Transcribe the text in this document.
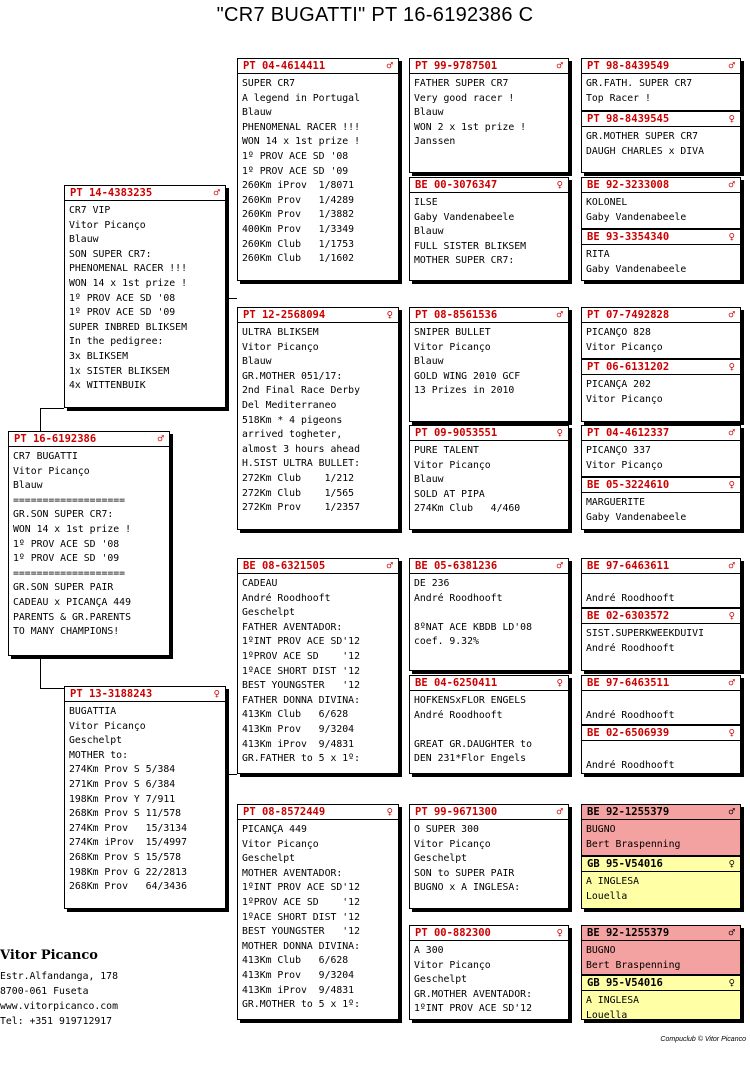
"CR7 BUGATTI" PT 16-6192386 C
PT 16-6192386	♂
CR7 BUGATTI
Vitor Picanço
Blauw
===================
GR.SON SUPER CR7:
WON 14 x 1st prize !
1º PROV ACE SD '08
1º PROV ACE SD '09
===================
GR.SON SUPER PAIR
CADEAU x PICANÇA 449
PARENTS & GR.PARENTS
TO MANY CHAMPIONS!
PT 14-4383235	♂
CR7 VIP
Vitor Picanço
Blauw
SON SUPER CR7:
PHENOMENAL RACER !!!
WON 14 x 1st prize !
1º PROV ACE SD '08
1º PROV ACE SD '09
SUPER INBRED BLIKSEM
In the pedigree:
3x BLIKSEM
1x SISTER BLIKSEM
4x WITTENBUIK
PT 13-3188243	♀
BUGATTIA
Vitor Picanço
Geschelpt
MOTHER to:
274Km Prov S 5/384
271Km Prov S 6/384
198Km Prov Y 7/911
268Km Prov S 11/578
274Km Prov   15/3134
274Km iProv  15/4997
268Km Prov S 15/578
198Km Prov G 22/2813
268Km Prov   64/3436
PT 04-4614411	♂
SUPER CR7
A legend in Portugal
Blauw
PHENOMENAL RACER !!!
WON 14 x 1st prize !
1º PROV ACE SD '08
1º PROV ACE SD '09
260Km iProv  1/8071
260Km Prov   1/4289
260Km Prov   1/3882
400Km Prov   1/3349
260Km Club   1/1753
260Km Club   1/1602
PT 12-2568094	♀
ULTRA BLIKSEM
Vitor Picanço
Blauw
GR.MOTHER 051/17:
2nd Final Race Derby
Del Mediterraneo
518Km * 4 pigeons
arrived togheter,
almost 3 hours ahead
H.SIST ULTRA BULLET:
272Km Club    1/212
272Km Club    1/565
272Km Prov    1/2357
BE 08-6321505	♂
CADEAU
André Roodhooft
Geschelpt
FATHER AVENTADOR:
1ºINT PROV ACE SD'12
1ºPROV ACE SD    '12
1ºACE SHORT DIST '12
BEST YOUNGSTER   '12
FATHER DONNA DIVINA:
413Km Club   6/628
413Km Prov   9/3204
413Km iProv  9/4831
GR.FATHER to 5 x 1º:
PT 08-8572449	♀
PICANÇA 449
Vitor Picanço
Geschelpt
MOTHER AVENTADOR:
1ºINT PROV ACE SD'12
1ºPROV ACE SD    '12
1ºACE SHORT DIST '12
BEST YOUNGSTER   '12
MOTHER DONNA DIVINA:
413Km Club   6/628
413Km Prov   9/3204
413Km iProv  9/4831
GR.MOTHER to 5 x 1º:
PT 99-9787501	♂
FATHER SUPER CR7
Very good racer !
Blauw
WON 2 x 1st prize !
Janssen
BE 00-3076347	♀
ILSE
Gaby Vandenabeele
Blauw
FULL SISTER BLIKSEM
MOTHER SUPER CR7:
PT 08-8561536	♂
SNIPER BULLET
Vitor Picanço
Blauw
GOLD WING 2010 GCF
13 Prizes in 2010
PT 09-9053551	♀
PURE TALENT
Vitor Picanço
Blauw
SOLD AT PIPA
274Km Club   4/460
BE 05-6381236	♂
DE 236
André Roodhooft

8ºNAT ACE KBDB LD'08
coef. 9.32%
BE 04-6250411	♀
HOFKENSxFLOR ENGELS
André Roodhooft

GREAT GR.DAUGHTER to
DEN 231*Flor Engels
PT 99-9671300	♂
O SUPER 300
Vitor Picanço
Geschelpt
SON to SUPER PAIR
BUGNO x A INGLESA:
PT 00-882300	♀
A 300
Vitor Picanço
Geschelpt
GR.MOTHER AVENTADOR:
1ºINT PROV ACE SD'12
PT 98-8439549	♂
GR.FATH. SUPER CR7
Top Racer !
PT 98-8439545	♀
GR.MOTHER SUPER CR7
DAUGH CHARLES x DIVA
BE 92-3233008	♂
KOLONEL
Gaby Vandenabeele
BE 93-3354340	♀
RITA
Gaby Vandenabeele
PT 07-7492828	♂
PICANÇO 828
Vitor Picanço
PT 06-6131202	♀
PICANÇA 202
Vitor Picanço
PT 04-4612337	♂
PICANÇO 337
Vitor Picanço
BE 05-3224610	♀
MARGUERITE
Gaby Vandenabeele
BE 97-6463611	♂

André Roodhooft
BE 02-6303572	♀
SIST.SUPERKWEEKDUIVI
André Roodhooft
BE 97-6463511	♂

André Roodhooft
BE 02-6506939	♀

André Roodhooft
BE 92-1255379	♂
BUGNO
Bert Braspenning
GB 95-V54016	♀
A INGLESA
Louella
BE 92-1255379	♂
BUGNO
Bert Braspenning
GB 95-V54016	♀
A INGLESA
Louella
Vitor Picanco
Estr.Alfandanga, 178
8700-061 Fuseta
www.vitorpicanco.com
Tel: +351 919712917
Compuclub © Vitor Picanco
